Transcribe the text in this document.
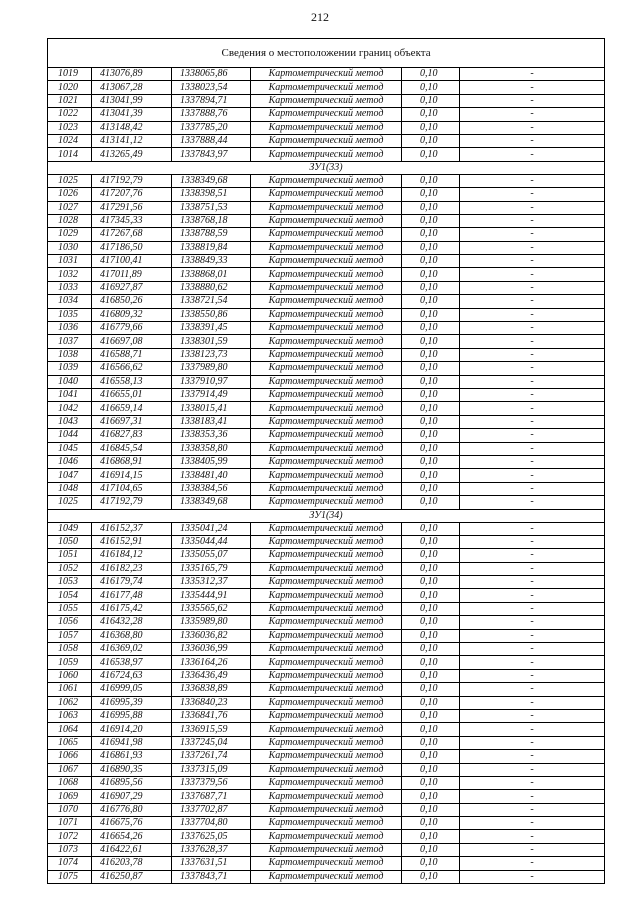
212
Сведения о местоположении границ объекта					
1019	413076,89	1338065,86	Картометрический метод	0,10	-
1020	413067,28	1338023,54	Картометрический метод	0,10	-
1021	413041,99	1337894,71	Картометрический метод	0,10	-
1022	413041,39	1337888,76	Картометрический метод	0,10	-
1023	413148,42	1337785,20	Картометрический метод	0,10	-
1024	413141,12	1337888,44	Картометрический метод	0,10	-
1014	413265,49	1337843,97	Картометрический метод	0,10	-
ЗУ1(33)					
1025	417192,79	1338349,68	Картометрический метод	0,10	-
1026	417207,76	1338398,51	Картометрический метод	0,10	-
1027	417291,56	1338751,53	Картометрический метод	0,10	-
1028	417345,33	1338768,18	Картометрический метод	0,10	-
1029	417267,68	1338788,59	Картометрический метод	0,10	-
1030	417186,50	1338819,84	Картометрический метод	0,10	-
1031	417100,41	1338849,33	Картометрический метод	0,10	-
1032	417011,89	1338868,01	Картометрический метод	0,10	-
1033	416927,87	1338880,62	Картометрический метод	0,10	-
1034	416850,26	1338721,54	Картометрический метод	0,10	-
1035	416809,32	1338550,86	Картометрический метод	0,10	-
1036	416779,66	1338391,45	Картометрический метод	0,10	-
1037	416697,08	1338301,59	Картометрический метод	0,10	-
1038	416588,71	1338123,73	Картометрический метод	0,10	-
1039	416566,62	1337989,80	Картометрический метод	0,10	-
1040	416558,13	1337910,97	Картометрический метод	0,10	-
1041	416655,01	1337914,49	Картометрический метод	0,10	-
1042	416659,14	1338015,41	Картометрический метод	0,10	-
1043	416697,31	1338183,41	Картометрический метод	0,10	-
1044	416827,83	1338353,36	Картометрический метод	0,10	-
1045	416845,54	1338358,80	Картометрический метод	0,10	-
1046	416868,91	1338405,99	Картометрический метод	0,10	-
1047	416914,15	1338481,40	Картометрический метод	0,10	-
1048	417104,65	1338384,56	Картометрический метод	0,10	-
1025	417192,79	1338349,68	Картометрический метод	0,10	-
ЗУ1(34)					
1049	416152,37	1335041,24	Картометрический метод	0,10	-
1050	416152,91	1335044,44	Картометрический метод	0,10	-
1051	416184,12	1335055,07	Картометрический метод	0,10	-
1052	416182,23	1335165,79	Картометрический метод	0,10	-
1053	416179,74	1335312,37	Картометрический метод	0,10	-
1054	416177,48	1335444,91	Картометрический метод	0,10	-
1055	416175,42	1335565,62	Картометрический метод	0,10	-
1056	416432,28	1335989,80	Картометрический метод	0,10	-
1057	416368,80	1336036,82	Картометрический метод	0,10	-
1058	416369,02	1336036,99	Картометрический метод	0,10	-
1059	416538,97	1336164,26	Картометрический метод	0,10	-
1060	416724,63	1336436,49	Картометрический метод	0,10	-
1061	416999,05	1336838,89	Картометрический метод	0,10	-
1062	416995,39	1336840,23	Картометрический метод	0,10	-
1063	416995,88	1336841,76	Картометрический метод	0,10	-
1064	416914,20	1336915,59	Картометрический метод	0,10	-
1065	416941,98	1337245,04	Картометрический метод	0,10	-
1066	416861,93	1337261,74	Картометрический метод	0,10	-
1067	416890,35	1337315,09	Картометрический метод	0,10	-
1068	416895,56	1337379,56	Картометрический метод	0,10	-
1069	416907,29	1337687,71	Картометрический метод	0,10	-
1070	416776,80	1337702,87	Картометрический метод	0,10	-
1071	416675,76	1337704,80	Картометрический метод	0,10	-
1072	416654,26	1337625,05	Картометрический метод	0,10	-
1073	416422,61	1337628,37	Картометрический метод	0,10	-
1074	416203,78	1337631,51	Картометрический метод	0,10	-
1075	416250,87	1337843,71	Картометрический метод	0,10	-
